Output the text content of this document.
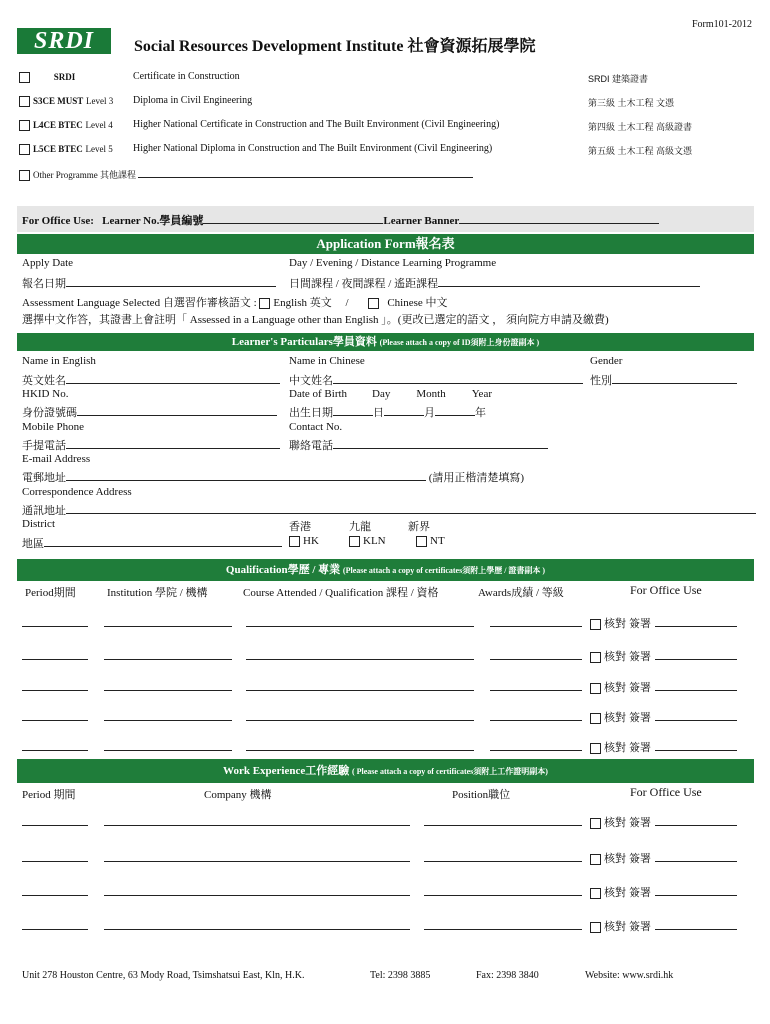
Form101-2012
SRDI	Social Resources Development Institute 社會資源拓展學院
SRDI	Certificate in Construction	SRDI 建築證書
S3CE MUST Level 3 Diploma in Civil Engineering	第三級 土木工程 文憑
L4CE BTEC Level 4 Higher National Certificate in Construction and The Built Environment (Civil Engineering)	第四級 土木工程 高級證書
L5CE BTEC Level 5 Higher National Diploma in Construction and The Built Environment (Civil Engineering)	第五級 土木工程 高級文憑
Other Programme 其他課程
For Office Use: Learner No.學員編號	Learner Banner
Application Form報名表
Apply Date
報名日期
Day / Evening / Distance Learning Programme
日間課程 / 夜間課程 / 遙距課程
Assessment Language Selected 自選習作審核語文 : English 英文 /	Chinese 中文
選擇中文作答，其證書上會註明「 Assessed in a Language other than English 」。(更改已選定的語文 ， 須向院方申請及繳費)
Learner's Particulars學員資料 (Please attach a copy of ID須附上身份證副本 )
Name in English
英文姓名
Name in Chinese
中文姓名
Gender
性別
HKID No.
身份證號碼
Date of Birth Day Month Year
出生日期	日	月	年
Mobile Phone
手提電話
Contact No.
聯絡電話
E-mail Address
電郵地址	(請用正楷清楚填寫)
Correspondence Address
通訊地址
District
地區
香港	九龍	新界
HK	KLN	NT
Qualification學歷 / 專業 (Please attach a copy of certificates須附上學歷 / 證書副本 )
Period期間	Institution 學院 / 機構	Course Attended / Qualification 課程 / 資格	Awards成績 / 等級	For Office Use
核對 簽署
核對 簽署
核對 簽署
核對 簽署
核對 簽署
Work Experience工作經驗 ( Please attach a copy of certificates須附上工作證明副本)
Period 期間	Company 機構	Position職位	For Office Use
核對 簽署
核對 簽署
核對 簽署
核對 簽署
Unit 278 Houston Centre, 63 Mody Road, Tsimshatsui East, Kln, H.K.	Tel: 2398 3885	Fax: 2398 3840	Website: www.srdi.hk
